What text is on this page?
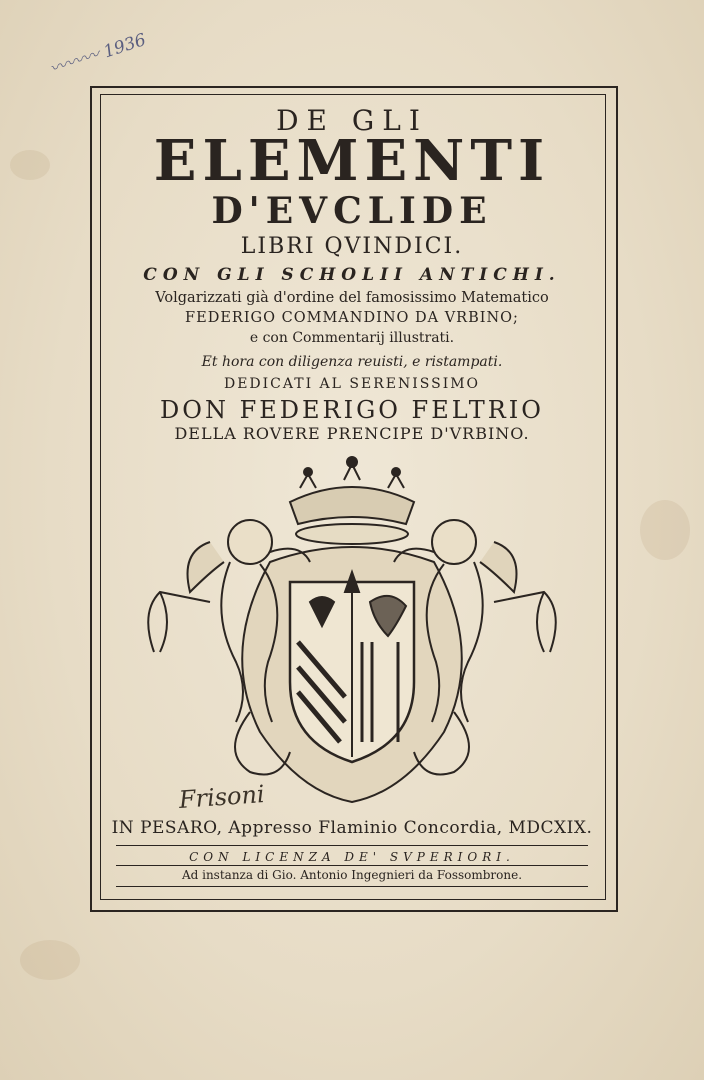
〰〰〰 1936
DE GLI
ELEMENTI
D'EVCLIDE
LIBRI QVINDICI.
CON GLI SCHOLII ANTICHI.
Volgarizzati già d'ordine del famosissimo Matematico
FEDERIGO COMMANDINO DA VRBINO;
e con Commentarij illustrati.
Et hora con diligenza reuisti, e ristampati.
DEDICATI AL SERENISSIMO
DON FEDERIGO FELTRIO
DELLA ROVERE PRENCIPE D'VRBINO.
Frisoni
IN PESARO, Appresso Flaminio Concordia, MDCXIX.
CON LICENZA DE' SVPERIORI.
Ad instanza di Gio. Antonio Ingegnieri da Fossombrone.
